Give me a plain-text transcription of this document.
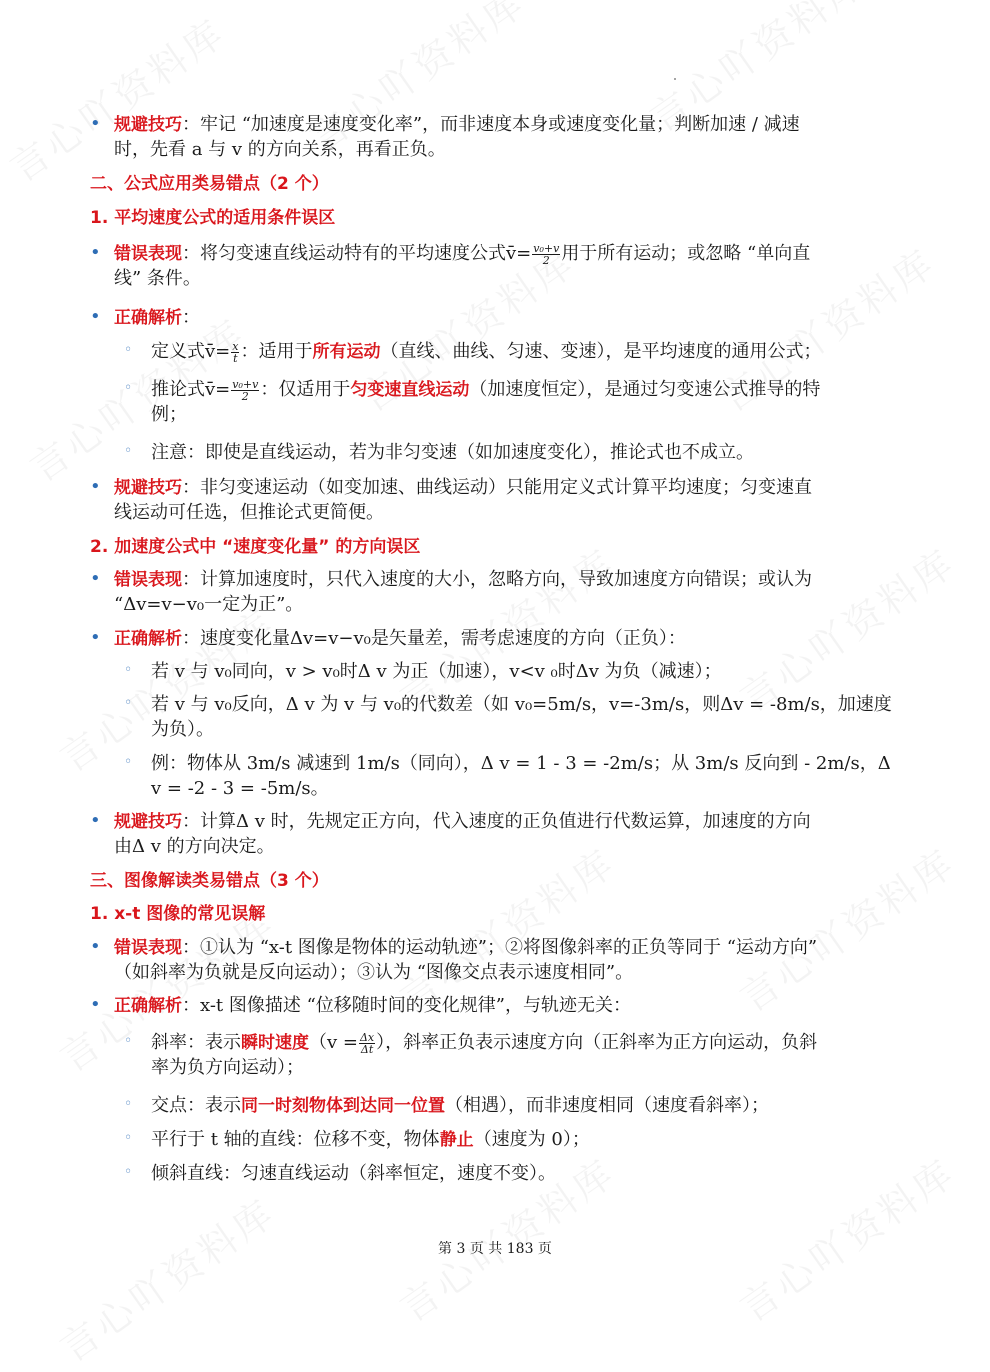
• 规避技巧：牢记 “加速度是速度变化率”，而非速度本身或速度变化量；判断加速 / 减速
时，先看 a 与 v 的方向关系，再看正负。
二、公式应用类易错点（2 个）
1. 平均速度公式的适用条件误区
• 错误表现：将匀变速直线运动特有的平均速度公式v̄= $\frac{\text{v₀+v}}{2}$ 用于所有运动；或忽略 “单向直
线” 条件。
• 正确解析：
◦ 定义式v̄= $\frac{x}{t}$ ：适用于所有运动（直线、曲线、匀速、变速），是平均速度的通用公式；
◦ 推论式v̄= $\frac{\text{v₀+v}}{2}$ ：仅适用于匀变速直线运动（加速度恒定），是通过匀变速公式推导的特
例；
◦ 注意：即使是直线运动，若为非匀变速（如加速度变化），推论式也不成立。
• 规避技巧：非匀变速运动（如变加速、曲线运动）只能用定义式计算平均速度；匀变速直
线运动可任选，但推论式更简便。
2. 加速度公式中 “速度变化量” 的方向误区
• 错误表现：计算加速度时，只代入速度的大小，忽略方向，导致加速度方向错误；或认为
“Δv=v−v₀一定为正”。
• 正确解析：速度变化量Δv=v−v₀是矢量差，需考虑速度的方向（正负）：
◦ 若 v 与 v₀同向，v > v₀时Δ v 为正（加速），v<v ₀时Δv 为负（减速）；
◦ 若 v 与 v₀反向，Δ v 为 v 与 v₀的代数差（如 v₀=5m/s，v=-3m/s，则Δv = -8m/s，加速度
为负）。
◦ 例：物体从 3m/s 减速到 1m/s（同向），Δ v = 1 - 3 = -2m/s；从 3m/s 反向到 - 2m/s，Δ
v = -2 - 3 = -5m/s。
• 规避技巧：计算Δ v 时，先规定正方向，代入速度的正负值进行代数运算，加速度的方向
由Δ v 的方向决定。
三、图像解读类易错点（3 个）
1. x-t 图像的常见误解
• 错误表现：①认为 “x-t 图像是物体的运动轨迹”；②将图像斜率的正负等同于 “运动方向”
（如斜率为负就是反向运动）；③认为 “图像交点表示速度相同”。
• 正确解析：x-t 图像描述 “位移随时间的变化规律”，与轨迹无关：
◦ 斜率：表示瞬时速度（$v = \frac{\Delta x}{\Delta t}$ ），斜率正负表示速度方向（正斜率为正方向运动，负斜
率为负方向运动）；
◦ 交点：表示同一时刻物体到达同一位置（相遇），而非速度相同（速度看斜率）；
◦ 平行于 t 轴的直线：位移不变，物体静止（速度为 0）；
◦ 倾斜直线：匀速直线运动（斜率恒定，速度不变）。
第 3 页 共 183 页
